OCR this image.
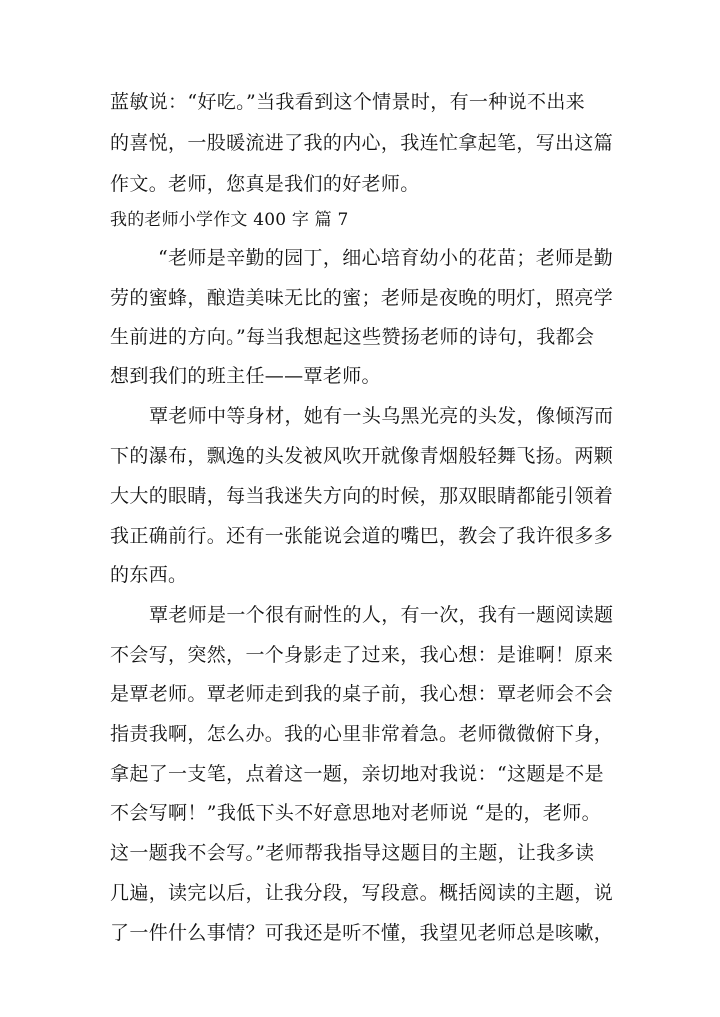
蓝敏说：“好吃。”当我看到这个情景时，有一种说不出来
的喜悦，一股暖流进了我的内心，我连忙拿起笔，写出这篇
作文。老师，您真是我们的好老师。
我的老师小学作文 400 字 篇 7
“老师是辛勤的园丁，细心培育幼小的花苗；老师是勤
劳的蜜蜂，酿造美味无比的蜜；老师是夜晚的明灯，照亮学
生前进的方向。”每当我想起这些赞扬老师的诗句，我都会
想到我们的班主任——覃老师。
覃老师中等身材，她有一头乌黑光亮的头发，像倾泻而
下的瀑布，飘逸的头发被风吹开就像青烟般轻舞飞扬。两颗
大大的眼睛，每当我迷失方向的时候，那双眼睛都能引领着
我正确前行。还有一张能说会道的嘴巴，教会了我许很多多
的东西。
覃老师是一个很有耐性的人，有一次，我有一题阅读题
不会写，突然，一个身影走了过来，我心想：是谁啊！原来
是覃老师。覃老师走到我的桌子前，我心想：覃老师会不会
指责我啊，怎么办。我的心里非常着急。老师微微俯下身，
拿起了一支笔，点着这一题，亲切地对我说：“这题是不是
不会写啊！”我低下头不好意思地对老师说 “是的，老师。
这一题我不会写。”老师帮我指导这题目的主题，让我多读
几遍，读完以后，让我分段，写段意。概括阅读的主题，说
了一件什么事情？可我还是听不懂，我望见老师总是咳嗽，
